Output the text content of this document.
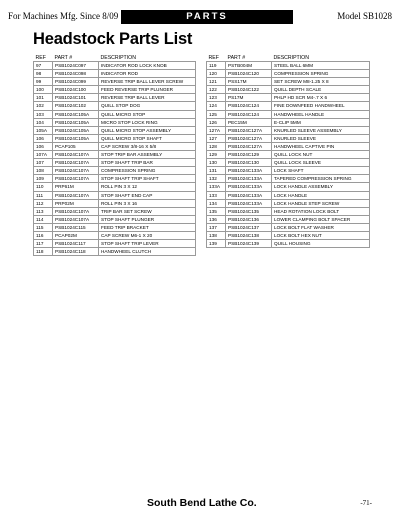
For Machines Mfg. Since 8/09	PARTS	Model SB1028
Headstock Parts List
REF	PART #	DESCRIPTION
97	PSB1024C097	INDICATOR ROD LOCK KNOB
98	PSB1024C098	INDICATOR ROD
99	PSB1024C099	REVERSE TRIP BALL LEVER SCREW
100	PSB1024C100	FEED REVERSE TRIP PLUNGER
101	PSB1024C101	REVERSE TRIP BALL LEVER
102	PSB1024C102	QUILL STOP DOG
103	PSB1024C105A	QUILL MICRO STOP
104	PSB1024C105A	MICRO STOP LOCK RING
105A	PSB1024C105A	QUILL MICRO STOP ASSEMBLY
106	PSB1024C105A	QUILL MICRO STOP SHAFT
106	PCAP105	CAP SCREW 3/8-16 X 5/8
107A	PSB1024C107A	STOP TRIP BAR ASSEMBLY
107	PSB1024C107A	STOP SHAFT TRIP BAR
108	PSB1024C107A	COMPRESSION SPRING
109	PSB1024C107A	STOP SHAFT TRIP SHAFT
110	PRP61M	ROLL PIN 3 X 12
111	PSB1024C107A	STOP SHAFT END CAP
112	PRP02M	ROLL PIN 3 X 16
113	PSB1024C107A	TRIP BAR SET SCREW
114	PSB1024C107A	STOP SHAFT PLUNGER
115	PSB1024C115	FEED TRIP BRACKET
116	PCAP02M	CAP SCREW M6-1 X 20
117	PSB1024C117	STOP SHAFT TRIP LEVER
118	PSB1024C118	HANDWHEEL CLUTCH
REF	PART #	DESCRIPTION
119	PSTB004M	STEEL BALL 6MM
120	PSB1024C120	COMPRESSION SPRING
121	PSS17M	SET SCREW M8-1.25 X 8
122	PSB1024C122	QUILL DEPTH SCALE
123	PS17M	PHLP HD SCR M4-.7 X 6
124	PSB1024C124	FINE DOWNFEED HANDWHEEL
125	PSB1024C124	HANDWHEEL HANDLE
126	PEC15M	E-CLIP 5MM
127A	PSB1024C127A	KNURLED SLEEVE ASSEMBLY
127	PSB1024C127A	KNURLED SLEEVE
128	PSB1024C127A	HANDWHEEL CAPTIVE PIN
129	PSB1024C129	QUILL LOCK NUT
130	PSB1024C130	QUILL LOCK SLEEVE
131	PSB1024C133A	LOCK SHAFT
132	PSB1024C133A	TAPERED COMPRESSION SPRING
133A	PSB1024C133A	LOCK HANDLE ASSEMBLY
133	PSB1024C133A	LOCK HANDLE
134	PSB1024C133A	LOCK HANDLE STEP SCREW
135	PSB1024C135	HEAD ROTATION LOCK BOLT
136	PSB1024C136	LOWER CLAMPING BOLT SPACER
137	PSB1024C137	LOCK BOLT FLAT WASHER
138	PSB1024C138	LOCK BOLT HEX NUT
139	PSB1024C139	QUILL HOUSING
South Bend Lathe Co.	-71-
